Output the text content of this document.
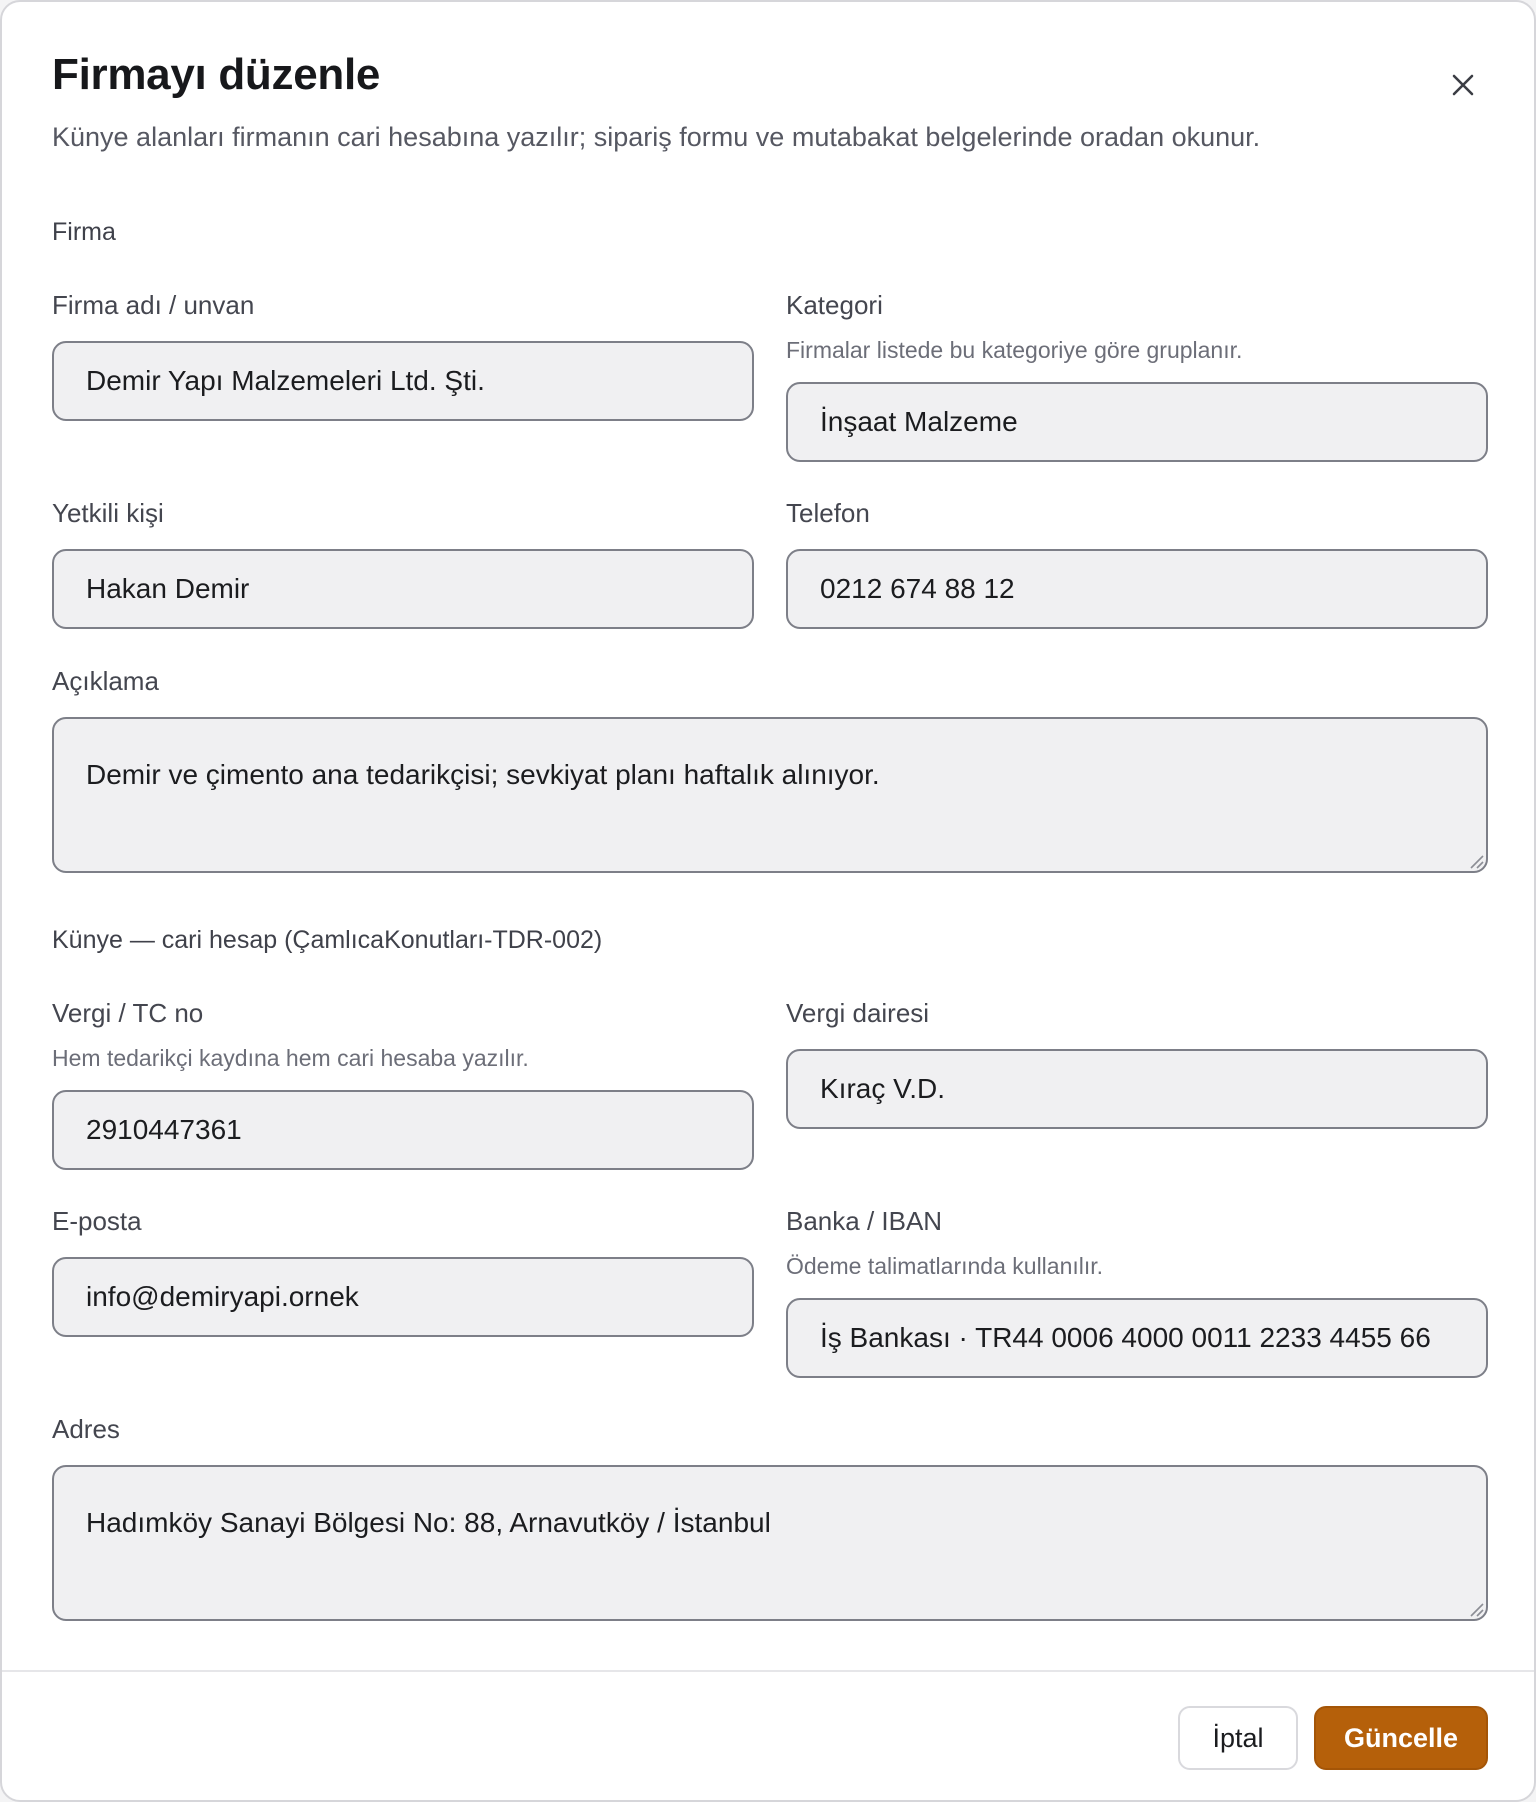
Firmayı düzenle

Künye alanları firmanın cari hesabına yazılır; sipariş formu ve mutabakat belgelerinde oradan okunur.

Firma
Firma adı / unvan
Demir Yapı Malzemeleri Ltd. Şti.
Kategori
Firmalar listede bu kategoriye göre gruplanır.
İnşaat Malzeme
Yetkili kişi
Hakan Demir
Telefon
0212 674 88 12
Açıklama
Demir ve çimento ana tedarikçisi; sevkiyat planı haftalık alınıyor.
Künye — cari hesap (ÇamlıcaKonutları-TDR-002)
Vergi / TC no
Hem tedarikçi kaydına hem cari hesaba yazılır.
2910447361
Vergi dairesi
Kıraç V.D.
E-posta
info@demiryapi.ornek
Banka / IBAN
Ödeme talimatlarında kullanılır.
İş Bankası · TR44 0006 4000 0011 2233 4455 66
Adres
Hadımköy Sanayi Bölgesi No: 88, Arnavutköy / İstanbul
İptal	Güncelle
